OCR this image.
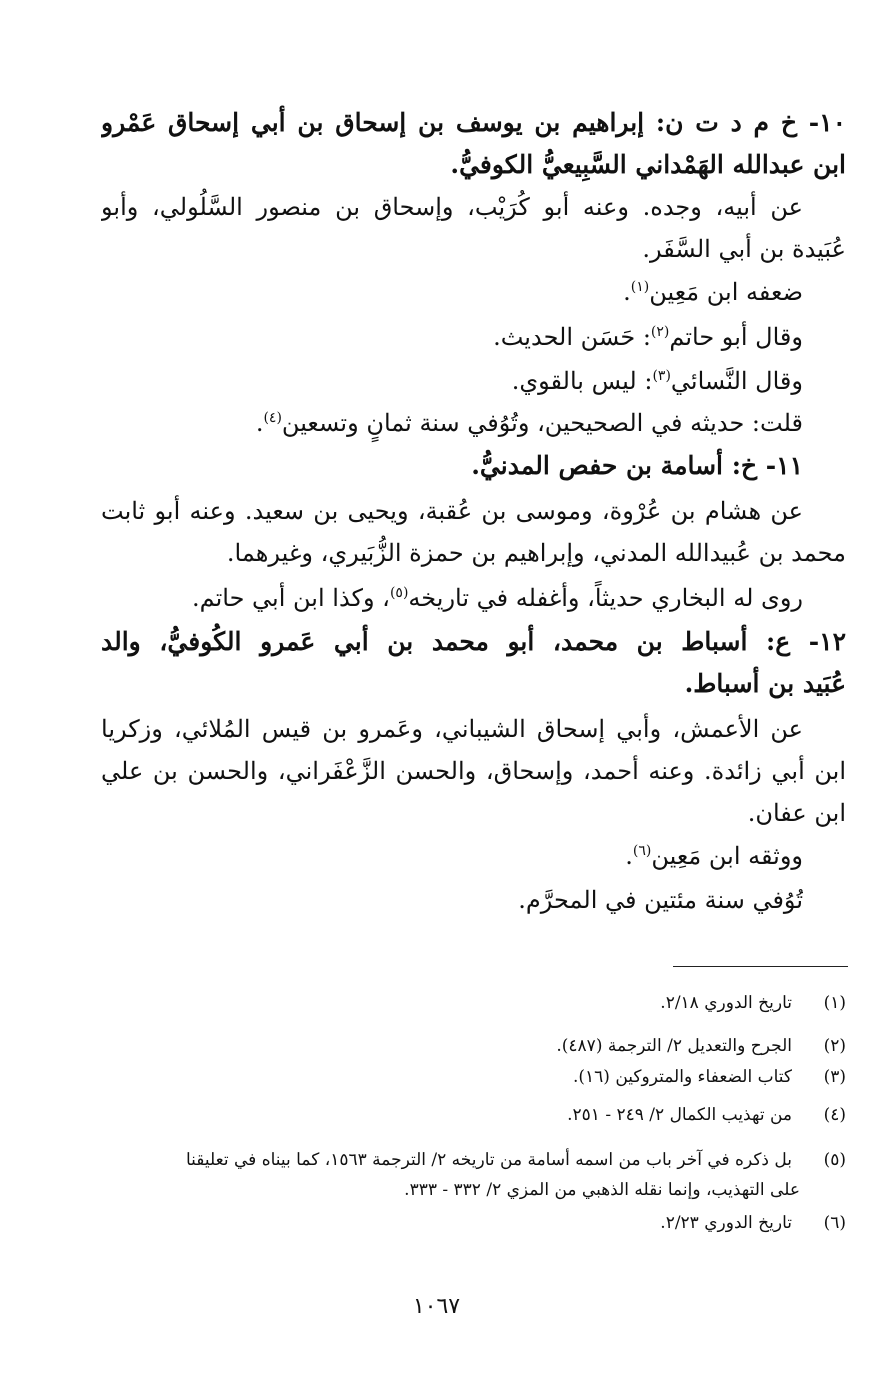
١٠- خ م د ت ن: إبراهيم بن يوسف بن إسحاق بن أبي إسحاق عَمْرو
ابن عبدالله الهَمْداني السَّبِيعيُّ الكوفيُّ.
عن أبيه، وجده. وعنه أبو كُرَيْب، وإسحاق بن منصور السَّلُولي، وأبو
عُبَيدة بن أبي السَّفَر.
ضعفه ابن مَعِين$^{(١)}$.
وقال أبو حاتم$^{(٢)}$: حَسَن الحديث.
وقال النَّسائي$^{(٣)}$: ليس بالقوي.
قلت: حديثه في الصحيحين، وتُوُفي سنة ثمانٍ وتسعين$^{(٤)}$.
١١- خ: أسامة بن حفص المدنيُّ.
عن هشام بن عُرْوة، وموسى بن عُقبة، ويحيى بن سعيد. وعنه أبو ثابت
محمد بن عُبيدالله المدني، وإبراهيم بن حمزة الزُّبَيري، وغيرهما.
روى له البخاري حديثاً، وأغفله في تاريخه$^{(٥)}$، وكذا ابن أبي حاتم.
١٢- ع: أسباط بن محمد، أبو محمد بن أبي عَمرو الكُوفيُّ، والد
عُبَيد بن أسباط.
عن الأعمش، وأبي إسحاق الشيباني، وعَمرو بن قيس المُلائي، وزكريا
ابن أبي زائدة. وعنه أحمد، وإسحاق، والحسن الزَّعْفَراني، والحسن بن علي
ابن عفان.
ووثقه ابن مَعِين$^{(٦)}$.
تُوُفي سنة مئتين في المحرَّم.
(١)تاريخ الدوري ٢/١٨.
(٢)الجرح والتعديل ٢/ الترجمة (٤٨٧).
(٣)كتاب الضعفاء والمتروكين (١٦).
(٤)من تهذيب الكمال ٢/ ٢٤٩ - ٢٥١.
(٥)بل ذكره في آخر باب من اسمه أسامة من تاريخه ٢/ الترجمة ١٥٦٣، كما بيناه في تعليقنا
على التهذيب، وإنما نقله الذهبي من المزي ٢/ ٣٣٢ - ٣٣٣.
(٦)تاريخ الدوري ٢/٢٣.
١٠٦٧
